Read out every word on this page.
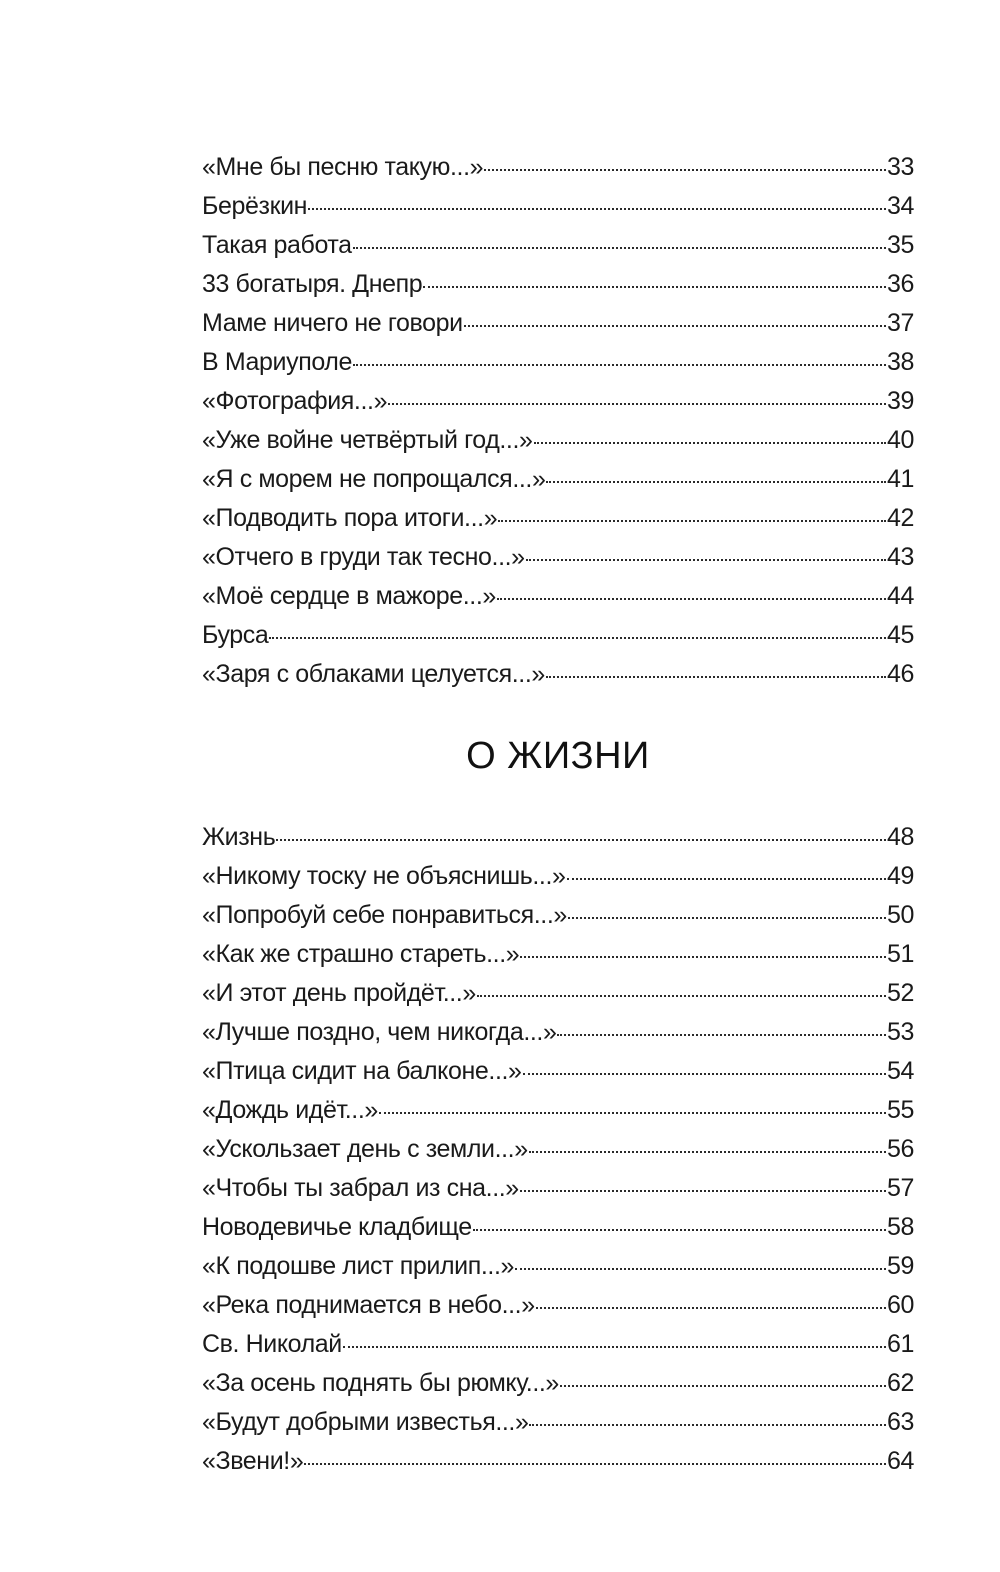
«Мне бы песню такую...»	33
Берёзкин	34
Такая работа	35
33 богатыря. Днепр	36
Маме ничего не говори	37
В Мариуполе	38
«Фотография...»	39
«Уже войне четвёртый год...»	40
«Я с морем не попрощался...»	41
«Подводить пора итоги...»	42
«Отчего в груди так тесно...»	43
«Моё сердце в мажоре...»	44
Бурса	45
«Заря с облаками целуется...»	46
О ЖИЗНИ
Жизнь	48
«Никому тоску не объяснишь...»	49
«Попробуй себе понравиться...»	50
«Как же страшно стареть...»	51
«И этот день пройдёт...»	52
«Лучше поздно, чем никогда...»	53
«Птица сидит на балконе...»	54
«Дождь идёт...»	55
«Ускользает день с земли...»	56
«Чтобы ты забрал из сна...»	57
Новодевичье кладбище	58
«К подошве лист прилип...»	59
«Река поднимается в небо...»	60
Св. Николай	61
«За осень поднять бы рюмку...»	62
«Будут добрыми известья...»	63
«Звени!»	64
